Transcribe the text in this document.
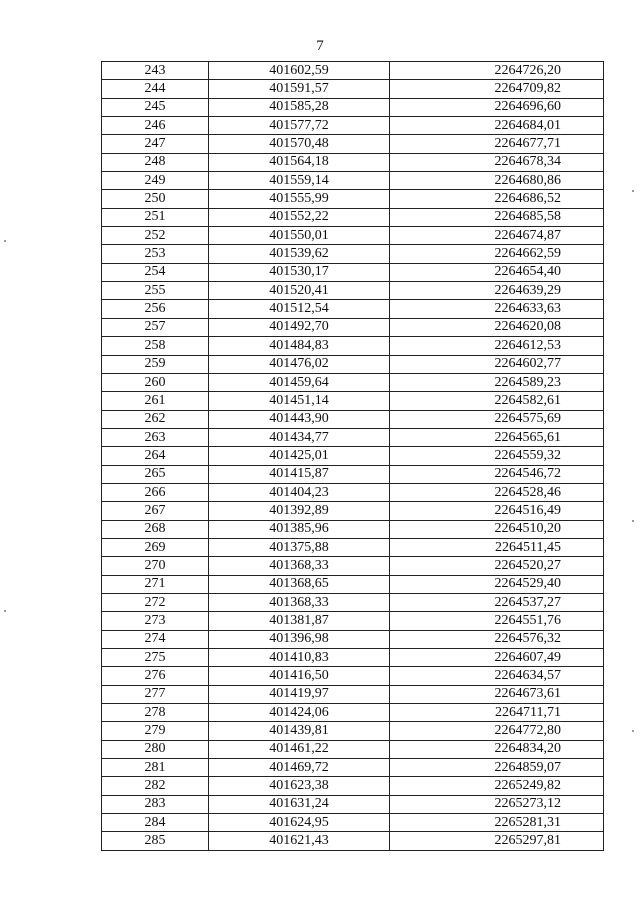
7
243	401602,59	2264726,20
244	401591,57	2264709,82
245	401585,28	2264696,60
246	401577,72	2264684,01
247	401570,48	2264677,71
248	401564,18	2264678,34
249	401559,14	2264680,86
250	401555,99	2264686,52
251	401552,22	2264685,58
252	401550,01	2264674,87
253	401539,62	2264662,59
254	401530,17	2264654,40
255	401520,41	2264639,29
256	401512,54	2264633,63
257	401492,70	2264620,08
258	401484,83	2264612,53
259	401476,02	2264602,77
260	401459,64	2264589,23
261	401451,14	2264582,61
262	401443,90	2264575,69
263	401434,77	2264565,61
264	401425,01	2264559,32
265	401415,87	2264546,72
266	401404,23	2264528,46
267	401392,89	2264516,49
268	401385,96	2264510,20
269	401375,88	2264511,45
270	401368,33	2264520,27
271	401368,65	2264529,40
272	401368,33	2264537,27
273	401381,87	2264551,76
274	401396,98	2264576,32
275	401410,83	2264607,49
276	401416,50	2264634,57
277	401419,97	2264673,61
278	401424,06	2264711,71
279	401439,81	2264772,80
280	401461,22	2264834,20
281	401469,72	2264859,07
282	401623,38	2265249,82
283	401631,24	2265273,12
284	401624,95	2265281,31
285	401621,43	2265297,81
